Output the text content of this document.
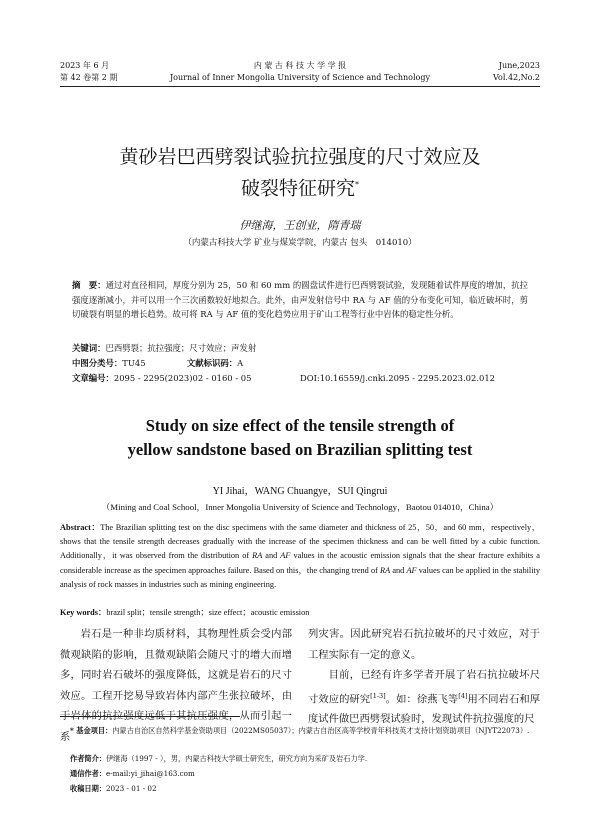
2023 年 6 月
第 42 卷第 2 期
内 蒙 古 科 技 大 学 学 报
Journal of Inner Mongolia University of Science and Technology
June,2023
Vol.42,No.2
黄砂岩巴西劈裂试验抗拉强度的尺寸效应及
破裂特征研究*
伊继海，王创业，隋青瑞
（内蒙古科技大学 矿业与煤炭学院，内蒙古 包头　014010）
摘　要：通过对直径相同，厚度分别为 25，50 和 60 mm 的圆盘试件进行巴西劈裂试验，发现随着试件厚度的增加，抗拉强度逐渐减小，并可以用一个三次函数较好地拟合。此外，由声发射信号中 RA 与 AF 值的分布变化可知，临近破坏时，剪切破裂有明显的增长趋势。故可将 RA 与 AF 值的变化趋势应用于矿山工程等行业中岩体的稳定性分析。
关键词：巴西劈裂；抗拉强度；尺寸效应；声发射
中图分类号：TU45	文献标识码：A
文章编号：2095 - 2295(2023)02 - 0160 - 05	DOI:10.16559/j.cnki.2095 - 2295.2023.02.012
Study on size effect of the tensile strength of
yellow sandstone based on Brazilian splitting test
YI Jihai，WANG Chuangye，SUI Qingrui
（Mining and Coal School，Inner Mongolia University of Science and Technology，Baotou 014010，China）
Abstract：The Brazilian splitting test on the disc specimens with the same diameter and thickness of 25，50，and 60 mm，respectively，shows that the tensile strength decreases gradually with the increase of the specimen thickness and can be well fitted by a cubic function. Additionally，it was observed from the distribution of RA and AF values in the acoustic emission signals that the shear fracture exhibits a considerable increase as the specimen approaches failure. Based on this，the changing trend of RA and AF values can be applied in the stability analysis of rock masses in industries such as mining engineering.
Key words：brazil split；tensile strength；size effect；acoustic emission

岩石是一种非均质材料，其物理性质会受内部微观缺陷的影响，且微观缺陷会随尺寸的增大而增多，同时岩石破坏的强度降低，这就是岩石的尺寸效应。工程开挖易导致岩体内部产生张拉破坏，由于岩体的抗拉强度远低于其抗压强度，从而引起一系

列灾害。因此研究岩石抗拉破坏的尺寸效应，对于工程实际有一定的意义。

目前，已经有许多学者开展了岩石抗拉破坏尺寸效应的研究[1-3]。如：徐燕飞等[4]用不同岩石和厚度试件做巴西劈裂试验时，发现试件抗拉强度的尺

* 基金项目：内蒙古自治区自然科学基金资助项目（2022MS05037）；内蒙古自治区高等学校青年科技英才支持计划资助项目（NJYT22073）.
作者简介：伊继海（1997 - ），男，内蒙古科技大学硕士研究生，研究方向为采矿及岩石力学.
通信作者：e-mail:yi_jihai@163.com
收稿日期：2023 - 01 - 02
